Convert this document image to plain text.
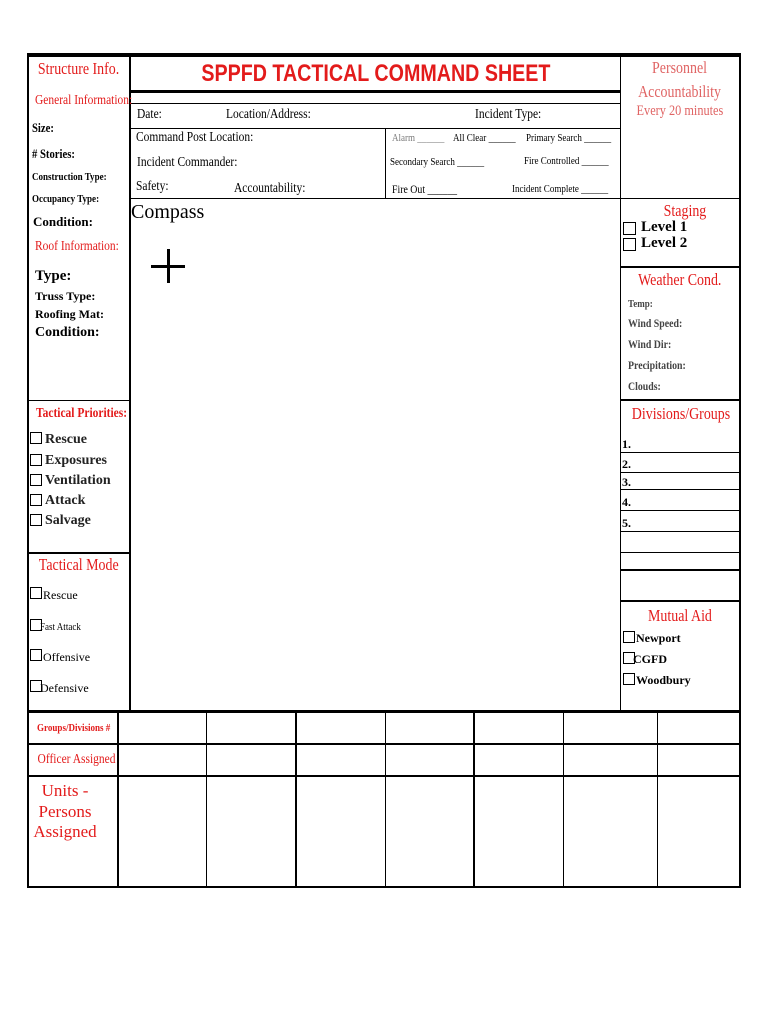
SPPFD TACTICAL COMMAND SHEET
Date:	Location/Address:	Incident Type:
Command Post Location:
Incident Commander:
Safety:	Accountability:
Alarm ______ All Clear ______ Primary Search ______
Secondary Search ______	Fire Controlled ______
Fire Out ______	Incident Complete ______
Compass
Structure Info.
General Information:
Size:
# Stories:
Construction Type:
Occupancy Type:
Condition:
Roof Information:
Type:
Truss Type:
Roofing Mat:
Condition:
Tactical Priorities:
Rescue
Exposures
Ventilation
Attack
Salvage
Tactical Mode
Rescue
Fast Attack
Offensive
Defensive
Personnel
Accountability
Every 20 minutes
Staging
Level 1
Level 2
Weather Cond.
Temp:
Wind Speed:
Wind Dir:
Precipitation:
Clouds:
Divisions/Groups
1.
2.
3.
4.
5.
Mutual Aid
Newport
CGFD
Woodbury
Groups/Divisions #
Officer Assigned
Units -
Persons
Assigned
